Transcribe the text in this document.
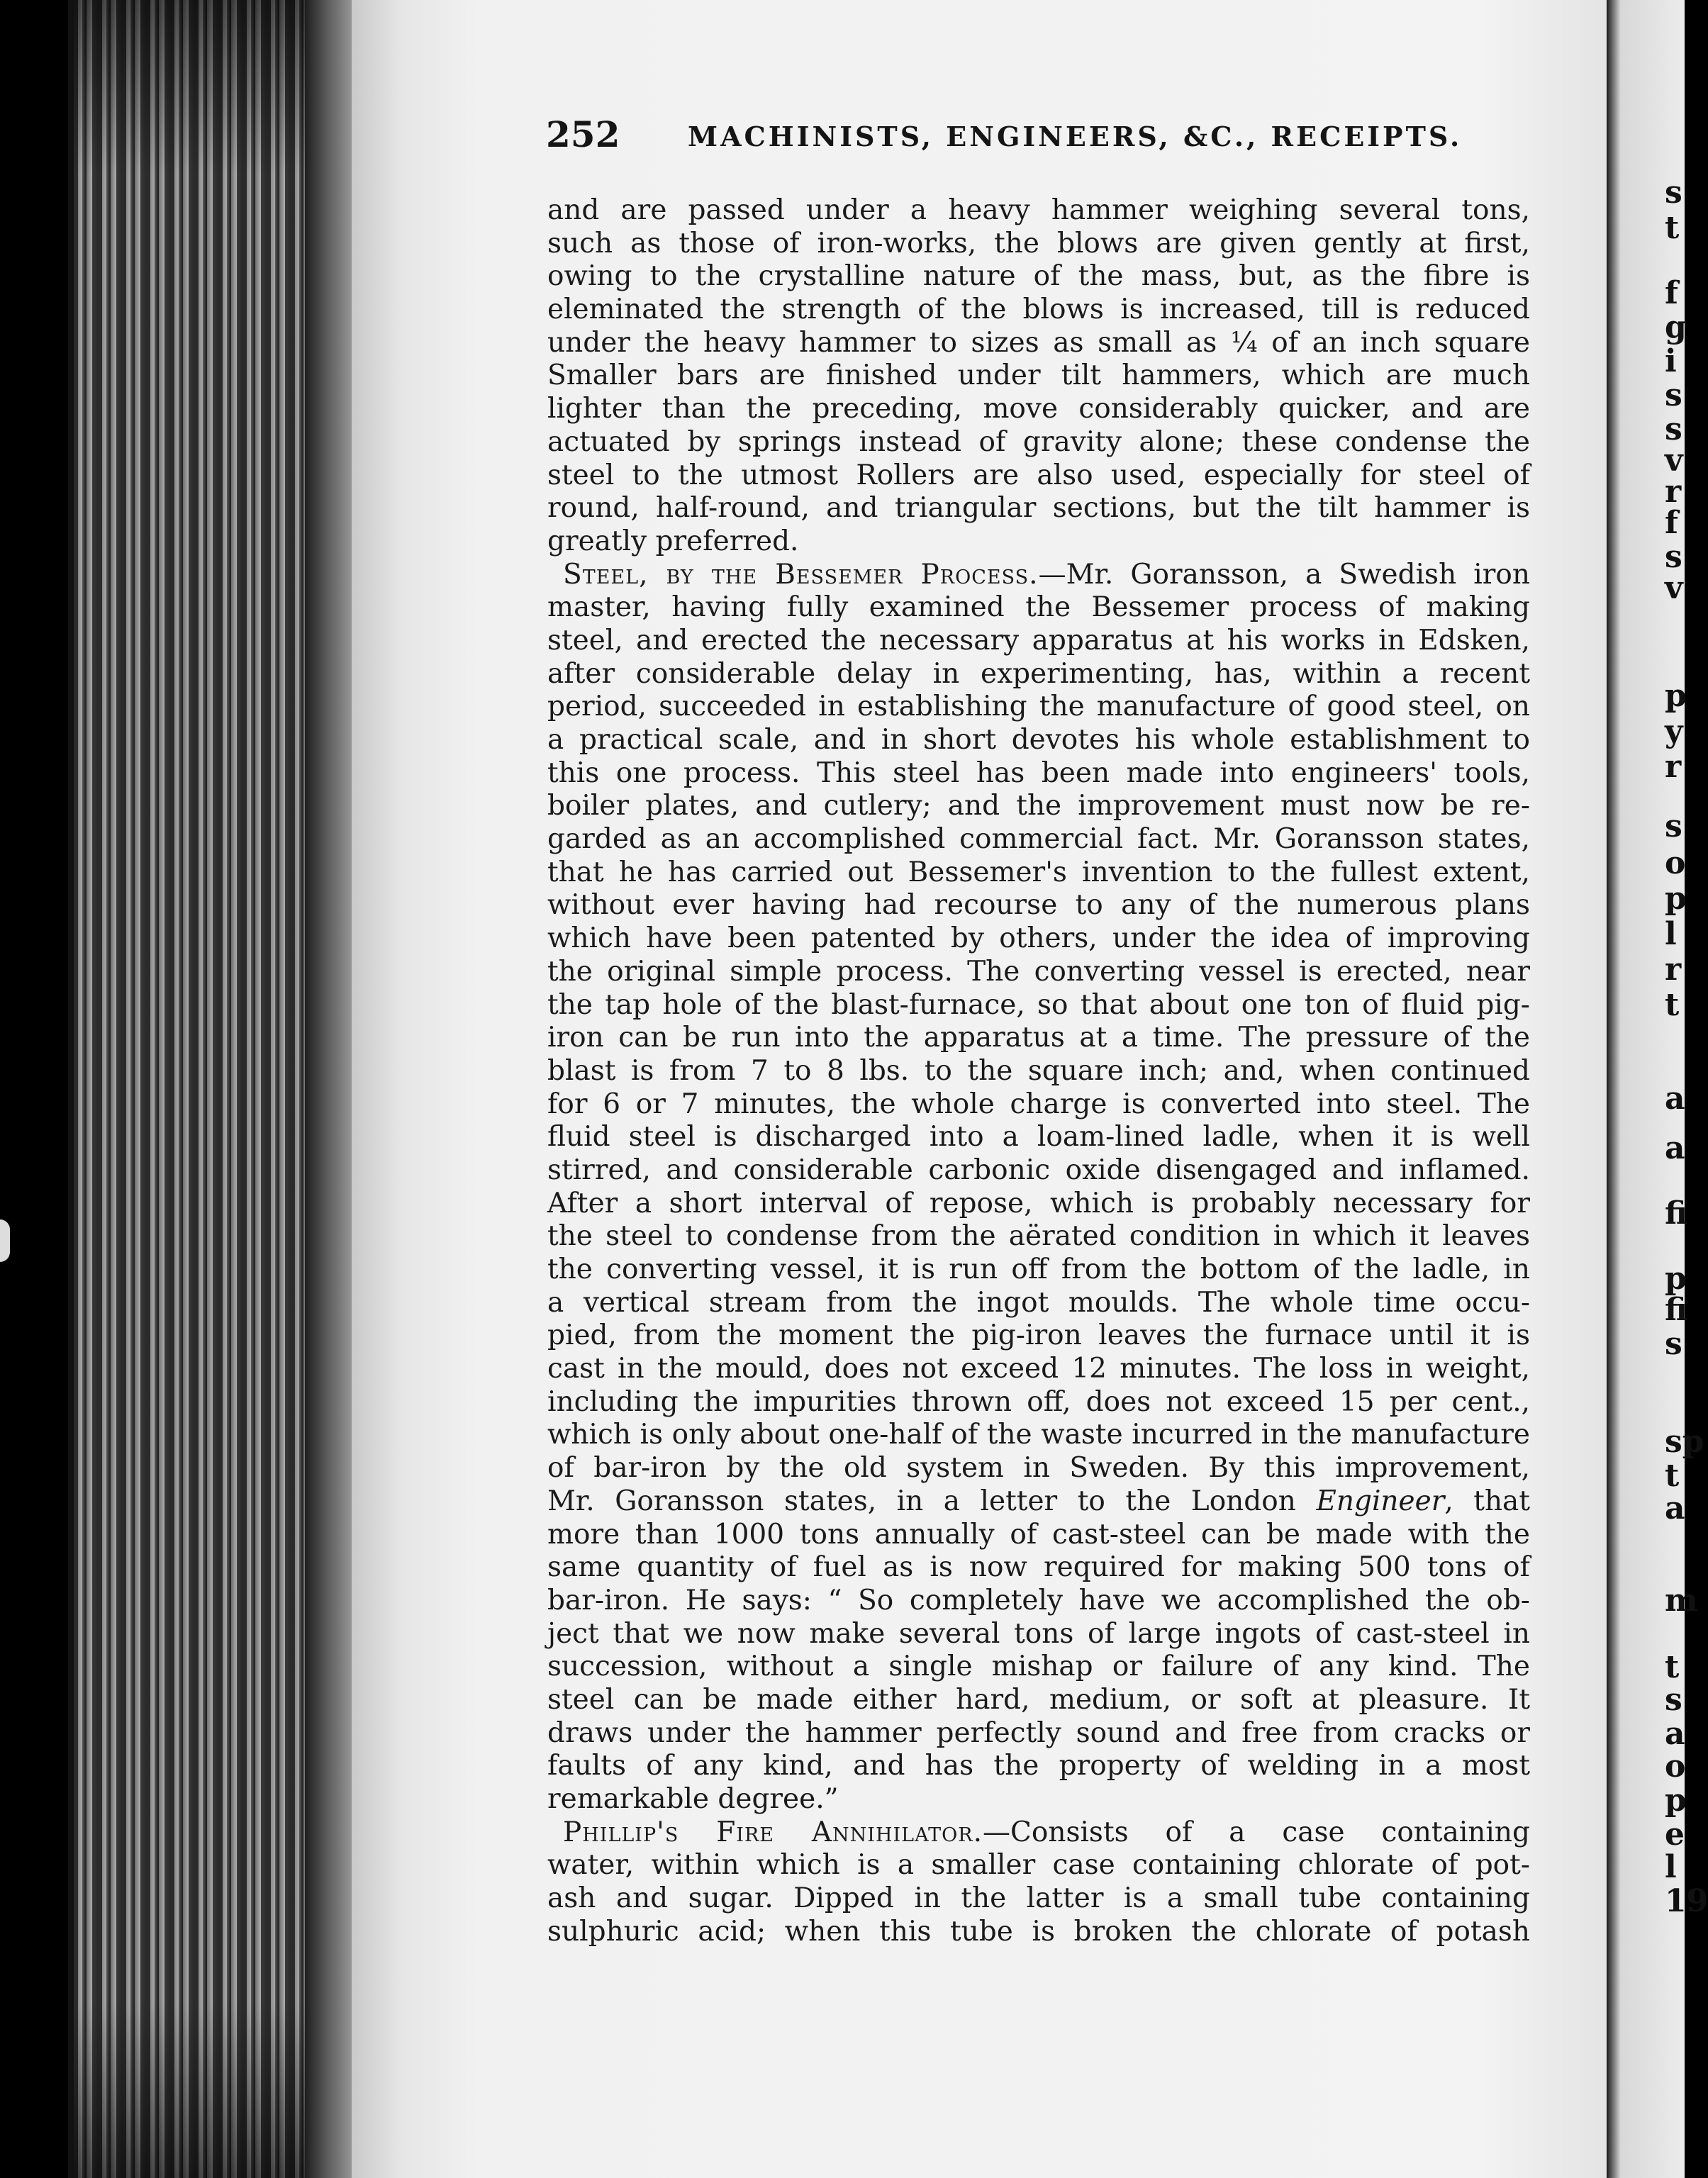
s
t
f
g
i
s
s
v
r
f
s
v
p
y
r
s
o
p
l
r
t
a
a
fi
p
fi
s
sp
t
a
m
t
s
a
o
p
e
l
19
252	MACHINISTS, ENGINEERS, &C., RECEIPTS.
and are passed under a heavy hammer weighing several tons,
such as those of iron-works, the blows are given gently at first,
owing to the crystalline nature of the mass, but, as the fibre is
eleminated the strength of the blows is increased, till is reduced
under the heavy hammer to sizes as small as ¼ of an inch square
Smaller bars are finished under tilt hammers, which are much
lighter than the preceding, move considerably quicker, and are
actuated by springs instead of gravity alone; these condense the
steel to the utmost Rollers are also used, especially for steel of
round, half-round, and triangular sections, but the tilt hammer is
greatly preferred.
Steel, by the Bessemer Process.—Mr. Goransson, a Swedish iron
master, having fully examined the Bessemer process of making
steel, and erected the necessary apparatus at his works in Edsken,
after considerable delay in experimenting, has, within a recent
period, succeeded in establishing the manufacture of good steel, on
a practical scale, and in short devotes his whole establishment to
this one process. This steel has been made into engineers' tools,
boiler plates, and cutlery; and the improvement must now be re-
garded as an accomplished commercial fact. Mr. Goransson states,
that he has carried out Bessemer's invention to the fullest extent,
without ever having had recourse to any of the numerous plans
which have been patented by others, under the idea of improving
the original simple process. The converting vessel is erected, near
the tap hole of the blast-furnace, so that about one ton of fluid pig-
iron can be run into the apparatus at a time. The pressure of the
blast is from 7 to 8 lbs. to the square inch; and, when continued
for 6 or 7 minutes, the whole charge is converted into steel. The
fluid steel is discharged into a loam-lined ladle, when it is well
stirred, and considerable carbonic oxide disengaged and inflamed.
After a short interval of repose, which is probably necessary for
the steel to condense from the aërated condition in which it leaves
the converting vessel, it is run off from the bottom of the ladle, in
a vertical stream from the ingot moulds. The whole time occu-
pied, from the moment the pig-iron leaves the furnace until it is
cast in the mould, does not exceed 12 minutes. The loss in weight,
including the impurities thrown off, does not exceed 15 per cent.,
which is only about one-half of the waste incurred in the manufacture
of bar-iron by the old system in Sweden. By this improvement,
Mr. Goransson states, in a letter to the London Engineer, that
more than 1000 tons annually of cast-steel can be made with the
same quantity of fuel as is now required for making 500 tons of
bar-iron. He says: “ So completely have we accomplished the ob-
ject that we now make several tons of large ingots of cast-steel in
succession, without a single mishap or failure of any kind. The
steel can be made either hard, medium, or soft at pleasure. It
draws under the hammer perfectly sound and free from cracks or
faults of any kind, and has the property of welding in a most
remarkable degree.”
Phillip's Fire Annihilator.—Consists of a case containing
water, within which is a smaller case containing chlorate of pot-
ash and sugar. Dipped in the latter is a small tube containing
sulphuric acid; when this tube is broken the chlorate of potash
